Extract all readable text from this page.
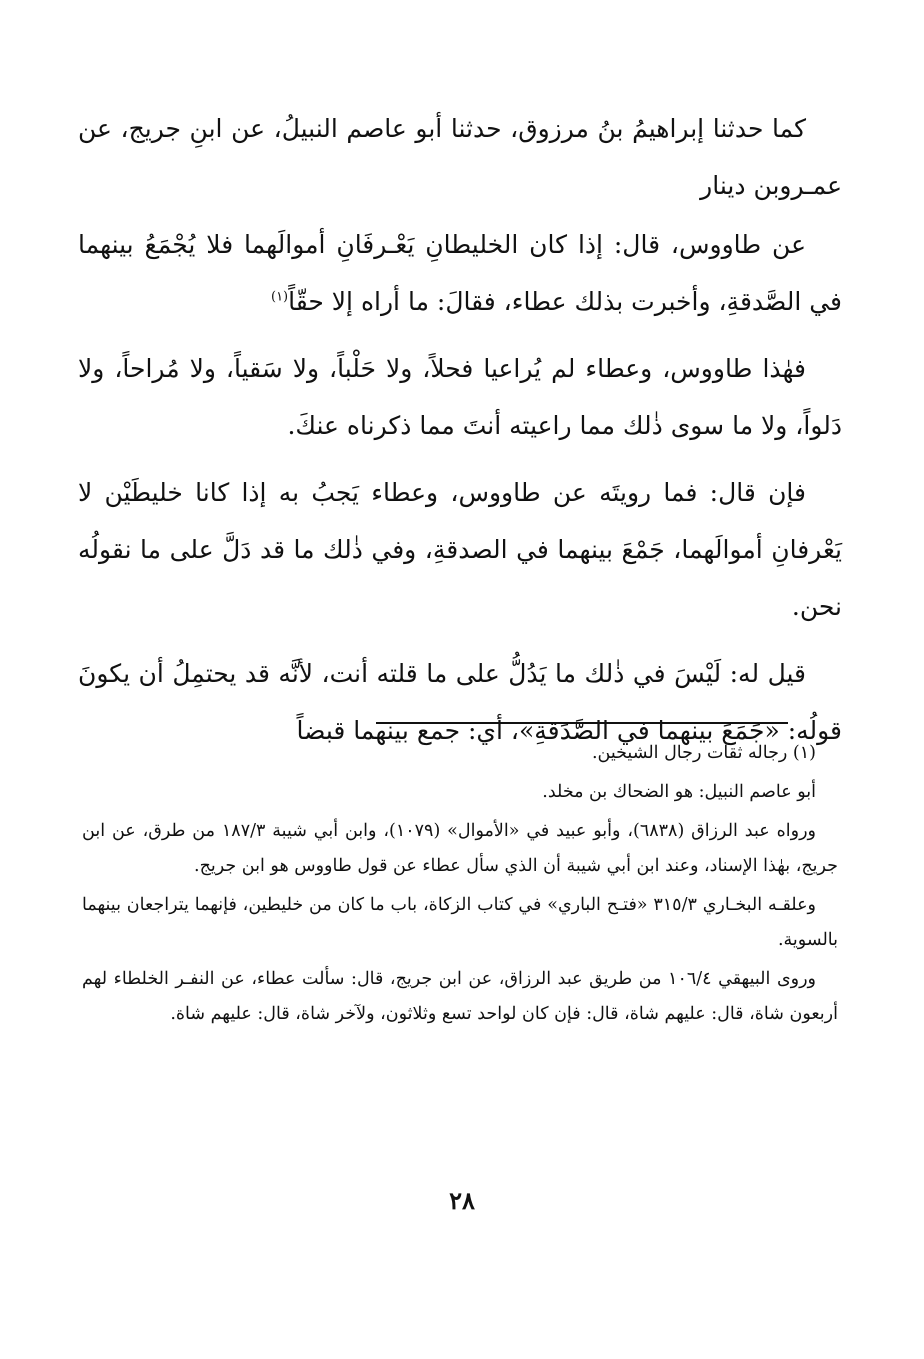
كما حدثنا إبراهيمُ بنُ مرزوق، حدثنا أبو عاصم النبيلُ، عن ابنِ جريج، عن عمـروبن دينار

عن طاووس، قال: إذا كان الخليطانِ يَعْـرفَانِ أموالَهما فلا يُجْمَعُ بينهما في الصَّدقةِ، وأخبرت بذلك عطاء، فقالَ: ما أراه إلا حقّاً$^{(١)}$

فهٰذا طاووس، وعطاء لم يُراعيا فحلاً، ولا حَلْباً، ولا سَقياً، ولا مُراحاً، ولا دَلواً، ولا ما سوى ذٰلك مما راعيته أنتَ مما ذكرناه عنكَ.

فإن قال: فما رويتَه عن طاووس، وعطاء يَجبُ به إذا كانا خليطَيْن لا يَعْرفانِ أموالَهما، جَمْعَ بينهما في الصدقةِ، وفي ذٰلك ما قد دَلَّ على ما نقولُه نحن.

قيل له: لَيْسَ في ذٰلك ما يَدُلُّ على ما قلته أنت، لأنَّه قد يحتمِلُ أن يكونَ قولُه: «جَمَعَ بينهما في الصَّدَقةِ»، أي: جمع بينهما قبضاً

(١) رجاله ثقات رجال الشيخين.

أبو عاصم النبيل: هو الضحاك بن مخلد.

ورواه عبد الرزاق (٦٨٣٨)، وأبو عبيد في «الأموال» (١٠٧٩)، وابن أبي شيبة ١٨٧/٣ من طرق، عن ابن جريج، بهٰذا الإسناد، وعند ابن أبي شيبة أن الذي سأل عطاء عن قول طاووس هو ابن جريج.

وعلقـه البخـاري ٣١٥/٣ «فتـح الباري» في كتاب الزكاة، باب ما كان من خليطين، فإنهما يتراجعان بينهما بالسوية.

وروى البيهقي ١٠٦/٤ من طريق عبد الرزاق، عن ابن جريج، قال: سألت عطاء، عن النفـر الخلطاء لهم أربعون شاة، قال: عليهم شاة، قال: فإن كان لواحد تسع وثلاثون، ولآخر شاة، قال: عليهم شاة.

٢٨
